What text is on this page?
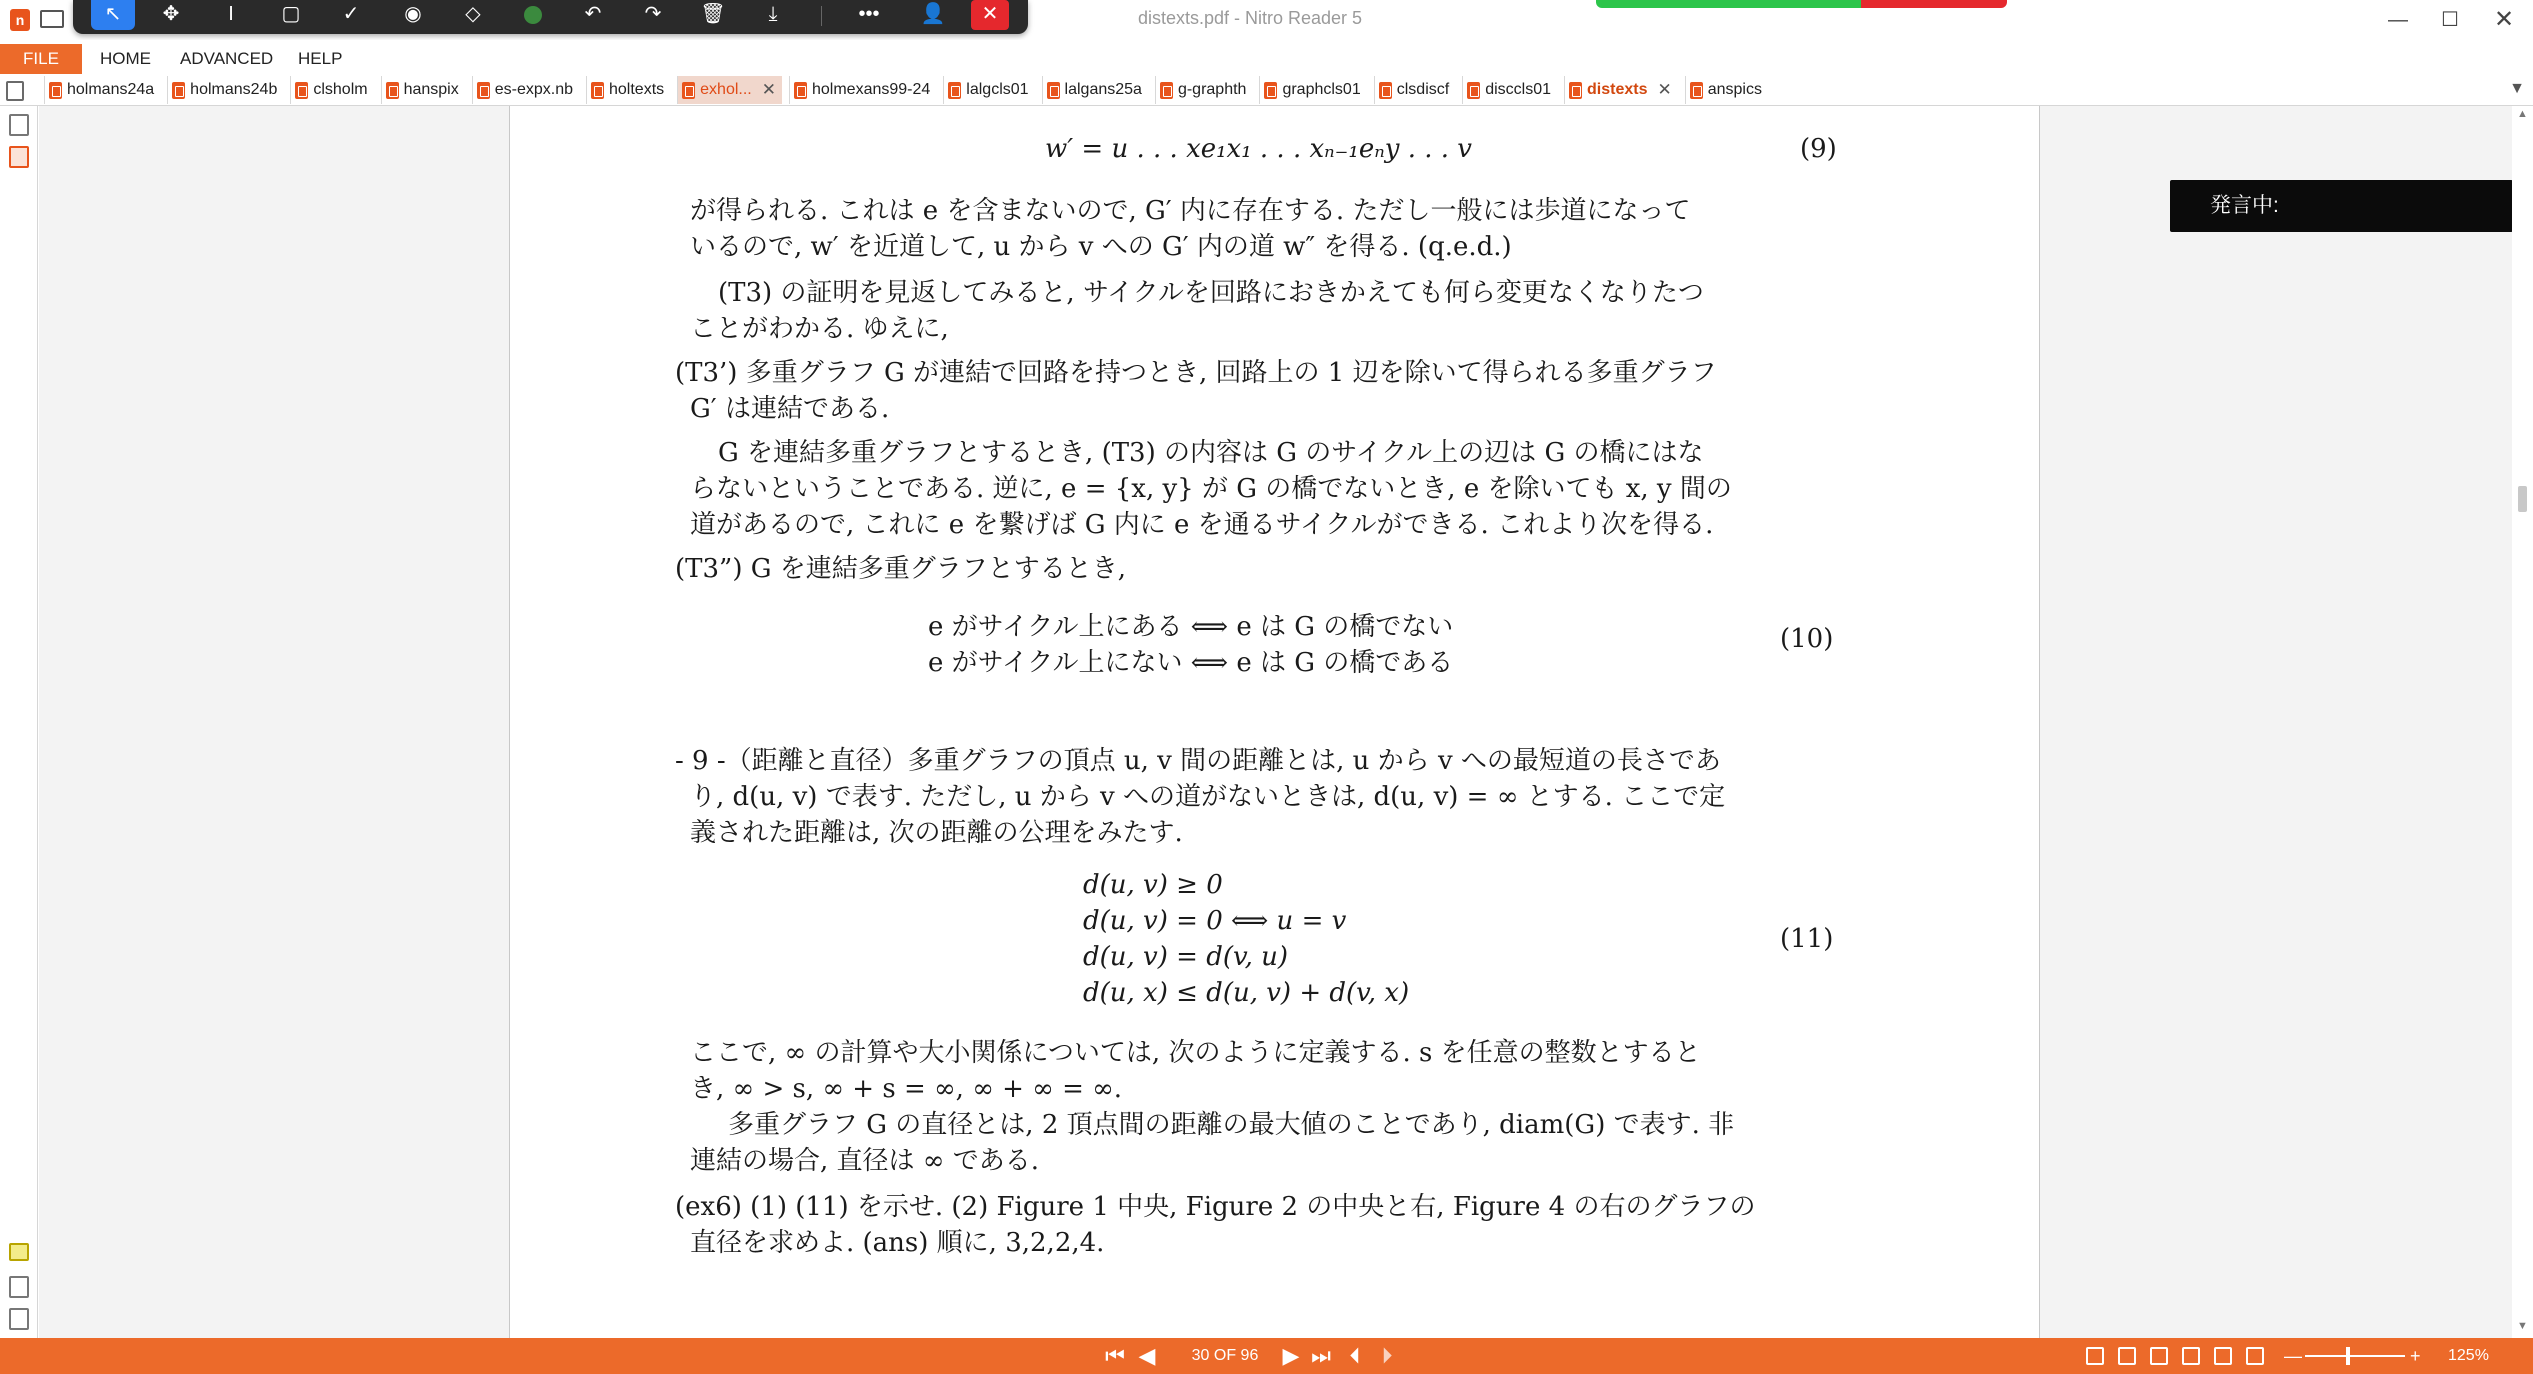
n	distexts.pdf - Nitro Reader 5	—	☐	✕
↖	✥	I	▢	✓	◉	◇	↶	↷	🗑	⤓	•••	👤	✕
FILE	HOME ADVANCED HELP
holmans24a holmans24b clsholm hanspix es-expx.nb holtexts exhol... ✕ holmexans99-24 lalgcls01 lalgans25a g-graphth graphcls01 clsdiscf disccls01 distexts ✕ anspics	▼
w′ = u . . . xe₁x₁ . . . xₙ₋₁eₙy . . . v	(9)
が得られる. これは e を含まないので, G′ 内に存在する. ただし一般には歩道になって
いるので, w′ を近道して, u から v への G′ 内の道 w″ を得る. (q.e.d.)
(T3) の証明を見返してみると, サイクルを回路におきかえても何ら変更なくなりたつ
ことがわかる. ゆえに,
(T3’) 多重グラフ G が連結で回路を持つとき, 回路上の 1 辺を除いて得られる多重グラフ
G′ は連結である.
G を連結多重グラフとするとき, (T3) の内容は G のサイクル上の辺は G の橋にはな
らないということである. 逆に, e = {x, y} が G の橋でないとき, e を除いても x, y 間の
道があるので, これに e を繋げば G 内に e を通るサイクルができる. これより次を得る.
(T3”) G を連結多重グラフとするとき,
e がサイクル上にある ⟺ e は G の橋でない
e がサイクル上にない ⟺ e は G の橋である
(10)
- 9 -（距離と直径）多重グラフの頂点 u, v 間の距離とは, u から v への最短道の長さであ
り, d(u, v) で表す. ただし, u から v への道がないときは, d(u, v) = ∞ とする. ここで定
義された距離は, 次の距離の公理をみたす.
d(u, v) ≥ 0
d(u, v) = 0 ⟺ u = v
d(u, v) = d(v, u)
d(u, x) ≤ d(u, v) + d(v, x)
(11)
ここで, ∞ の計算や大小関係については, 次のように定義する. s を任意の整数とすると
き, ∞ > s, ∞ + s = ∞, ∞ + ∞ = ∞.
多重グラフ G の直径とは, 2 頂点間の距離の最大値のことであり, diam(G) で表す. 非
連結の場合, 直径は ∞ である.
(ex6) (1) (11) を示せ. (2) Figure 1 中央, Figure 2 の中央と右, Figure 4 の右のグラフの
直径を求めよ. (ans) 順に, 3,2,2,4.
発言中:
▲
▼
⏮ ◀	30 OF 96	▶ ⏭ ⏴ ⏵	—	+ 125%
